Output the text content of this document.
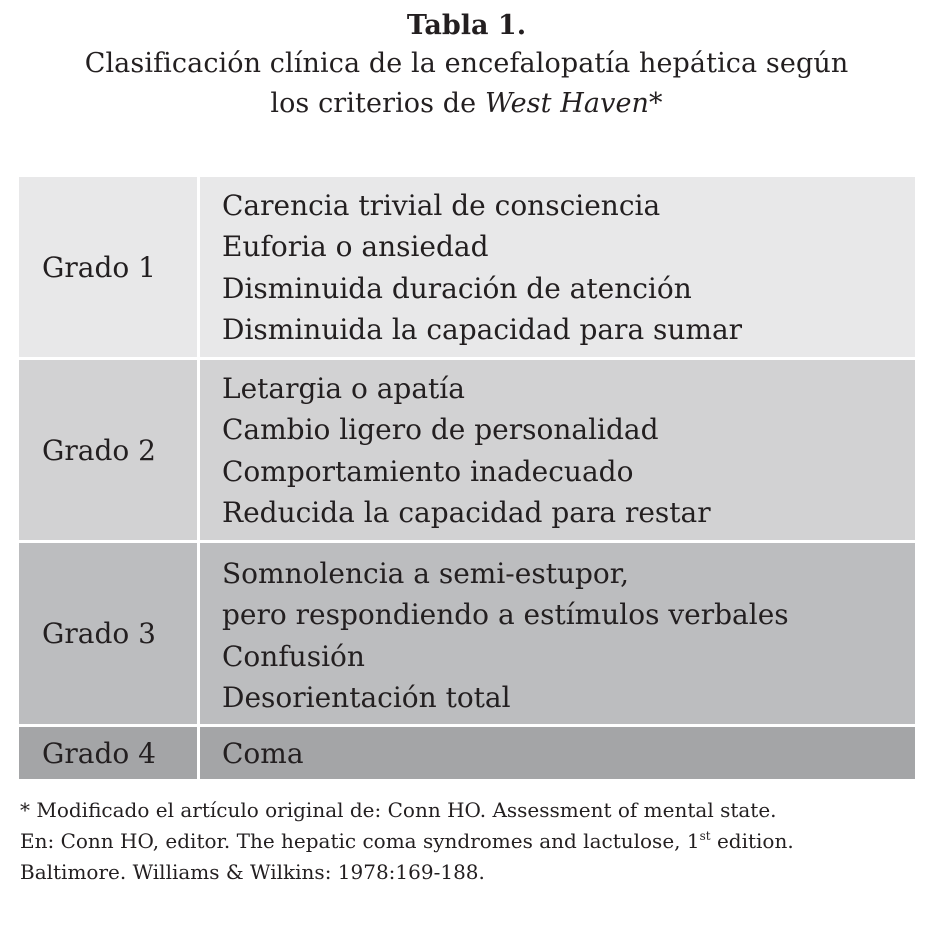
Tabla 1.
Clasificación clínica de la encefalopatía hepática según
los criterios de West Haven*
Grado 1
Carencia trivial de consciencia
Euforia o ansiedad
Disminuida duración de atención
Disminuida la capacidad para sumar
Grado 2
Letargia o apatía
Cambio ligero de personalidad
Comportamiento inadecuado
Reducida la capacidad para restar
Grado 3
Somnolencia a semi-estupor,
pero respondiendo a estímulos verbales
Confusión
Desorientación total
Grado 4	Coma
* Modificado el artículo original de: Conn HO. Assessment of mental state.
En: Conn HO, editor. The hepatic coma syndromes and lactulose, 1st edition.
Baltimore. Williams & Wilkins: 1978:169-188.
